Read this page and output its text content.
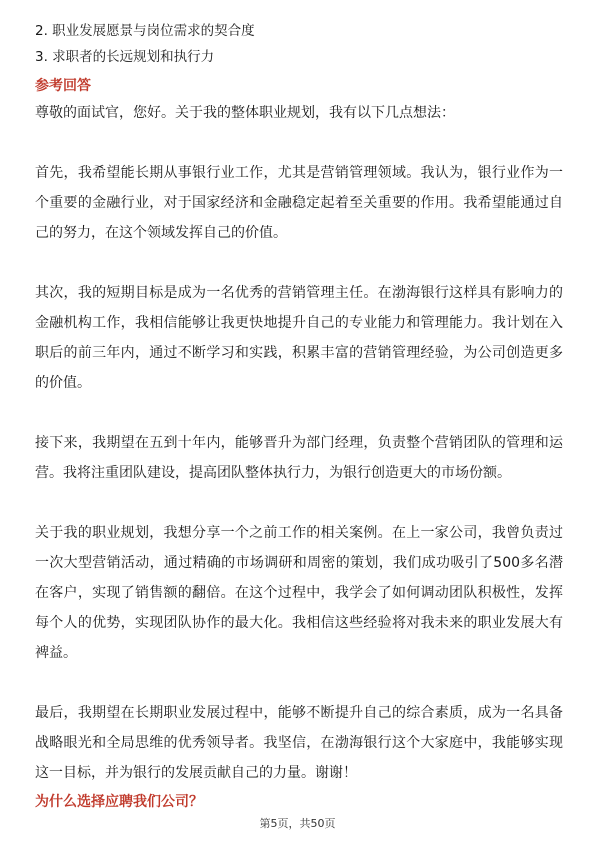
2. 职业发展愿景与岗位需求的契合度

3. 求职者的长远规划和执行力

参考回答

尊敬的面试官，您好。关于我的整体职业规划，我有以下几点想法：

首先，我希望能长期从事银行业工作，尤其是营销管理领域。我认为，银行业作为一个重要的金融行业，对于国家经济和金融稳定起着至关重要的作用。我希望能通过自己的努力，在这个领域发挥自己的价值。

其次，我的短期目标是成为一名优秀的营销管理主任。在渤海银行这样具有影响力的金融机构工作，我相信能够让我更快地提升自己的专业能力和管理能力。我计划在入职后的前三年内，通过不断学习和实践，积累丰富的营销管理经验，为公司创造更多的价值。

接下来，我期望在五到十年内，能够晋升为部门经理，负责整个营销团队的管理和运营。我将注重团队建设，提高团队整体执行力，为银行创造更大的市场份额。

关于我的职业规划，我想分享一个之前工作的相关案例。在上一家公司，我曾负责过一次大型营销活动，通过精确的市场调研和周密的策划，我们成功吸引了500多名潜在客户，实现了销售额的翻倍。在这个过程中，我学会了如何调动团队积极性，发挥每个人的优势，实现团队协作的最大化。我相信这些经验将对我未来的职业发展大有裨益。

最后，我期望在长期职业发展过程中，能够不断提升自己的综合素质，成为一名具备战略眼光和全局思维的优秀领导者。我坚信，在渤海银行这个大家庭中，我能够实现这一目标，并为银行的发展贡献自己的力量。谢谢！

为什么选择应聘我们公司？
第5页，共50页
